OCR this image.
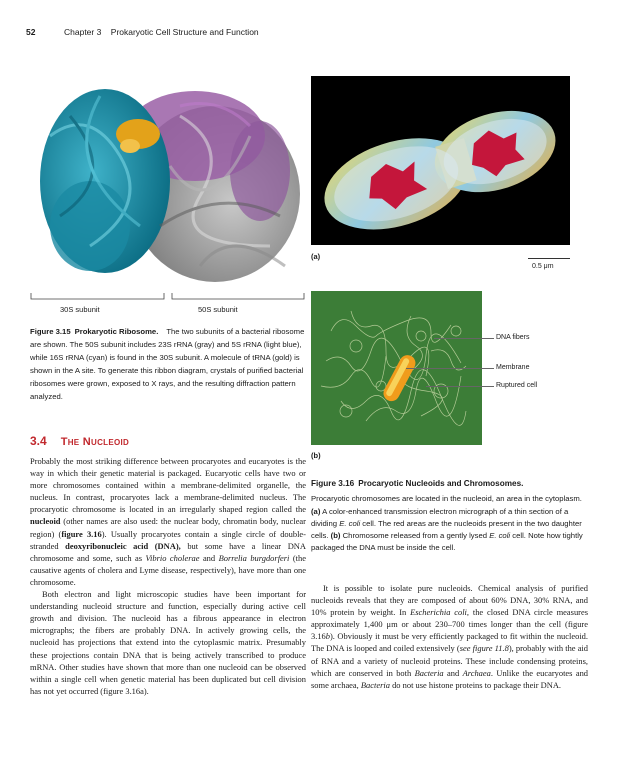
52	Chapter 3    Prokaryotic Cell Structure and Function
30S subunit	50S subunit
Figure 3.15 Prokaryotic Ribosome. The two subunits of a bacterial ribosome are shown. The 50S subunit includes 23S rRNA (gray) and 5S rRNA (light blue), while 16S rRNA (cyan) is found in the 30S subunit. A molecule of tRNA (gold) is shown in the A site. To generate this ribbon diagram, crystals of purified bacterial ribosomes were grown, exposed to X rays, and the resulting diffraction pattern analyzed.
3.4 The Nucleoid

Probably the most striking difference between procaryotes and eucaryotes is the way in which their genetic material is packaged. Eucaryotic cells have two or more chromosomes contained within a membrane-delimited organelle, the nucleus. In contrast, procaryotes lack a membrane-delimited nucleus. The procaryotic chromosome is located in an irregularly shaped region called the nucleoid (other names are also used: the nuclear body, chromatin body, nuclear region) (figure 3.16). Usually procaryotes contain a single circle of double-stranded deoxyribonucleic acid (DNA), but some have a linear DNA chromosome and some, such as Vibrio cholerae and Borrelia burgdorferi (the causative agents of cholera and Lyme disease, respectively), have more than one chromosome.

Both electron and light microscopic studies have been important for understanding nucleoid structure and function, especially during active cell growth and division. The nucleoid has a fibrous appearance in electron micrographs; the fibers are probably DNA. In actively growing cells, the nucleoid has projections that extend into the cytoplasmic matrix. Presumably these projections contain DNA that is being actively transcribed to produce mRNA. Other studies have shown that more than one nucleoid can be observed within a single cell when genetic material has been duplicated but cell division has not yet occurred (figure 3.16a).

(a)
0.5 μm
DNA fibers
Membrane
Ruptured cell
(b)
Figure 3.16 Procaryotic Nucleoids and Chromosomes.
Procaryotic chromosomes are located in the nucleoid, an area in the cytoplasm. (a) A color-enhanced transmission electron micrograph of a thin section of a dividing E. coli cell. The red areas are the nucleoids present in the two daughter cells. (b) Chromosome released from a gently lysed E. coli cell. Note how tightly packaged the DNA must be inside the cell.

It is possible to isolate pure nucleoids. Chemical analysis of purified nucleoids reveals that they are composed of about 60% DNA, 30% RNA, and 10% protein by weight. In Escherichia coli, the closed DNA circle measures approximately 1,400 μm or about 230–700 times longer than the cell (figure 3.16b). Obviously it must be very efficiently packaged to fit within the nucleoid. The DNA is looped and coiled extensively (see figure 11.8), probably with the aid of RNA and a variety of nucleoid proteins. These include condensing proteins, which are conserved in both Bacteria and Archaea. Unlike the eucaryotes and some archaea, Bacteria do not use histone proteins to package their DNA.
